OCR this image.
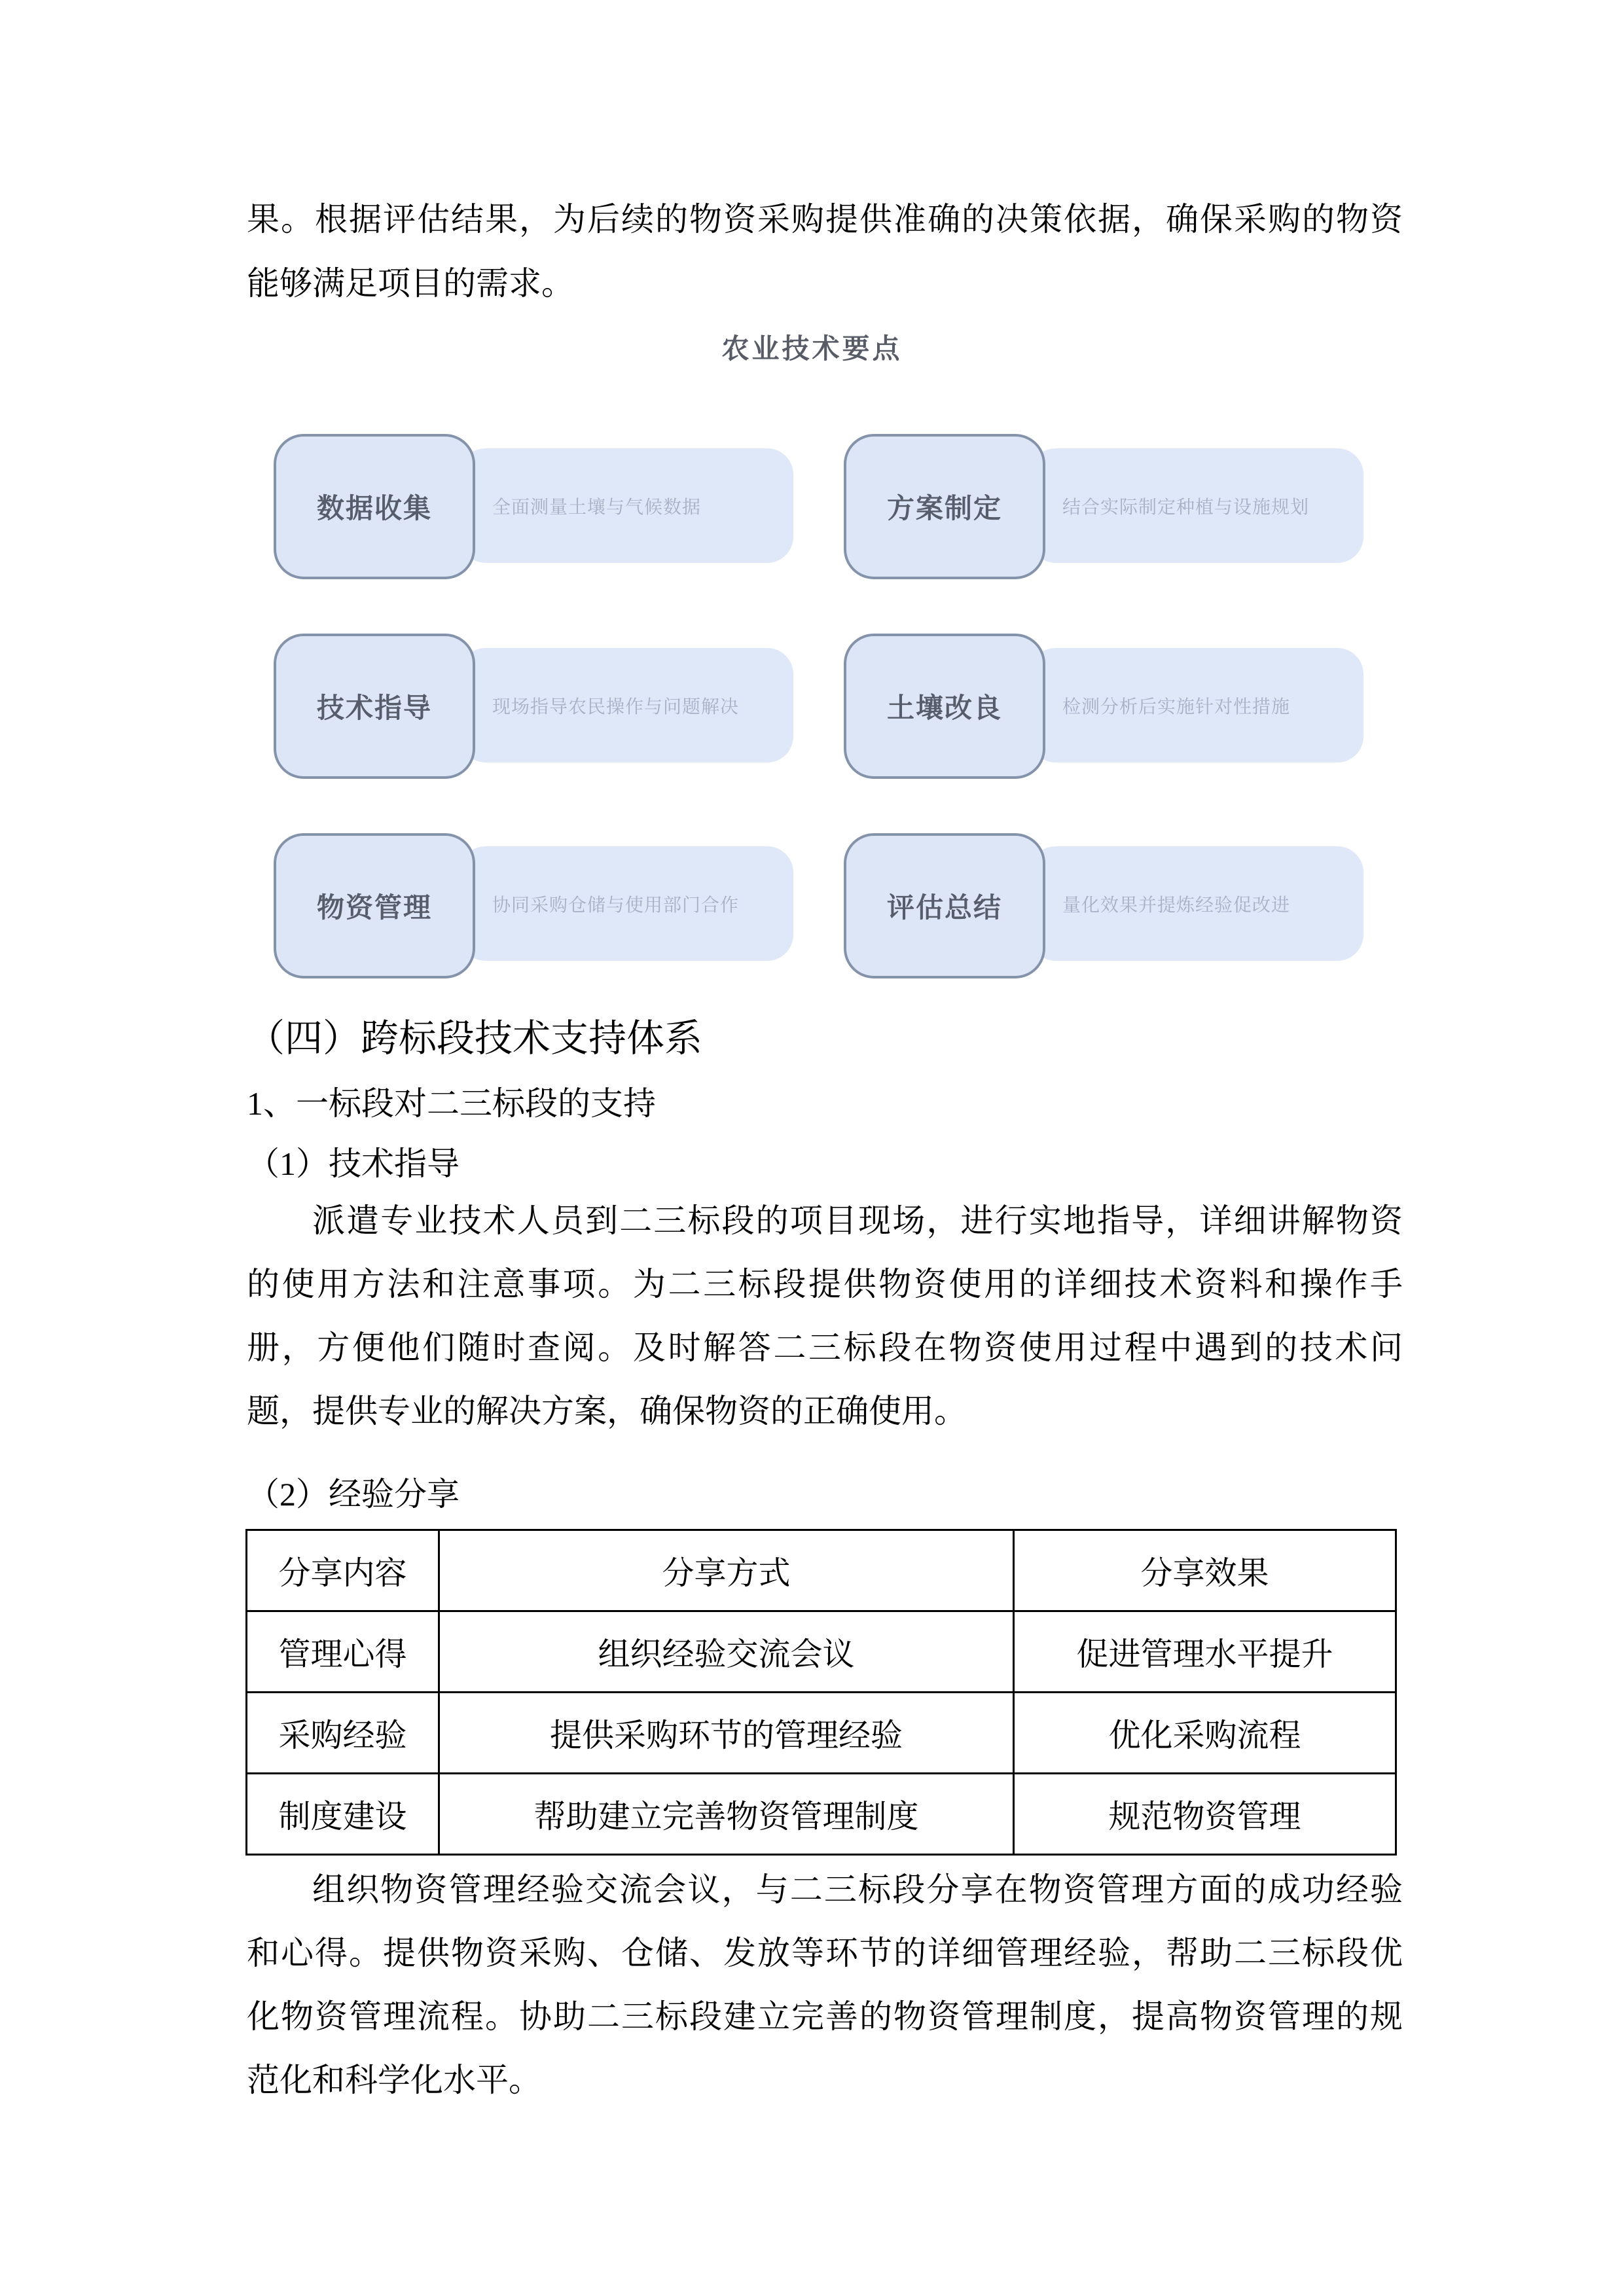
果。根据评估结果，为后续的物资采购提供准确的决策依据，确保采购的物资
能够满足项目的需求。
农业技术要点
全面测量土壤与气候数据
数据收集	结合实际制定种植与设施规划
方案制定
现场指导农民操作与问题解决
技术指导	检测分析后实施针对性措施
土壤改良
协同采购仓储与使用部门合作
物资管理	量化效果并提炼经验促改进
评估总结
（四）跨标段技术支持体系
1、一标段对二三标段的支持
（1）技术指导
派遣专业技术人员到二三标段的项目现场，进行实地指导，详细讲解物资
的使用方法和注意事项。为二三标段提供物资使用的详细技术资料和操作手
册，方便他们随时查阅。及时解答二三标段在物资使用过程中遇到的技术问
题，提供专业的解决方案，确保物资的正确使用。
（2）经验分享
分享内容	分享方式	分享效果
管理心得	组织经验交流会议	促进管理水平提升
采购经验	提供采购环节的管理经验	优化采购流程
制度建设	帮助建立完善物资管理制度	规范物资管理
组织物资管理经验交流会议，与二三标段分享在物资管理方面的成功经验
和心得。提供物资采购、仓储、发放等环节的详细管理经验，帮助二三标段优
化物资管理流程。协助二三标段建立完善的物资管理制度，提高物资管理的规
范化和科学化水平。
